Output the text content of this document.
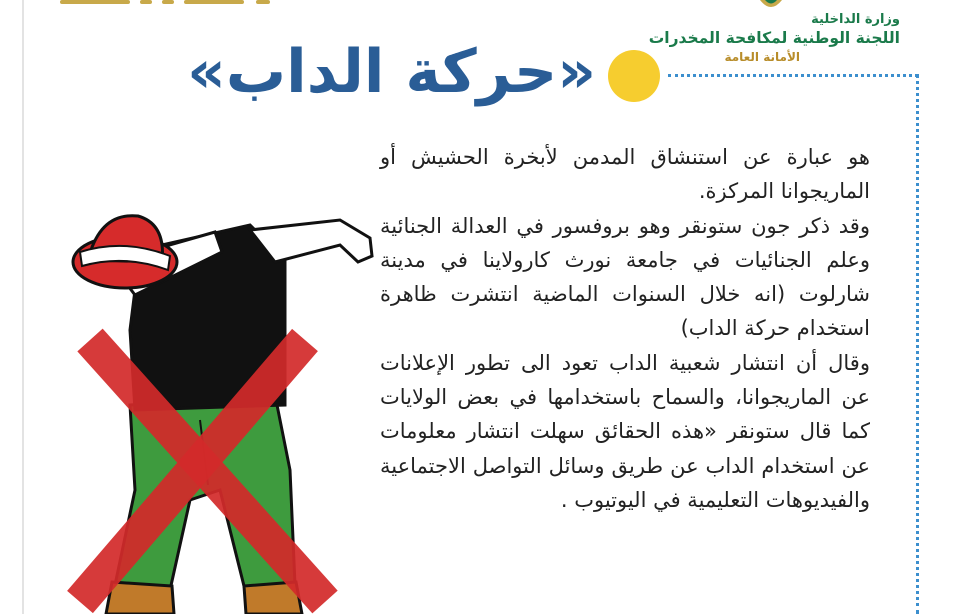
وزارة الداخلية
اللجنة الوطنية لمكافحة المخدرات
الأمانة العامة
«حركة الداب»

هو عبارة عن استنشاق المدمن لأبخرة الحشيش أو الماريجوانا المركزة.

وقد ذكر جون ستونقر وهو بروفسور في العدالة الجنائية وعلم الجنائيات في جامعة نورث كارولاينا في مدينة شارلوت (انه خلال السنوات الماضية انتشرت ظاهرة استخدام حركة الداب)

وقال أن انتشار شعبية الداب تعود الى تطور الإعلانات عن الماريجوانا، والسماح باستخدامها في بعض الولايات كما قال ستونقر «هذه الحقائق سهلت انتشار معلومات عن استخدام الداب عن طريق وسائل التواصل الاجتماعية والفيديوهات التعليمية في اليوتيوب .
